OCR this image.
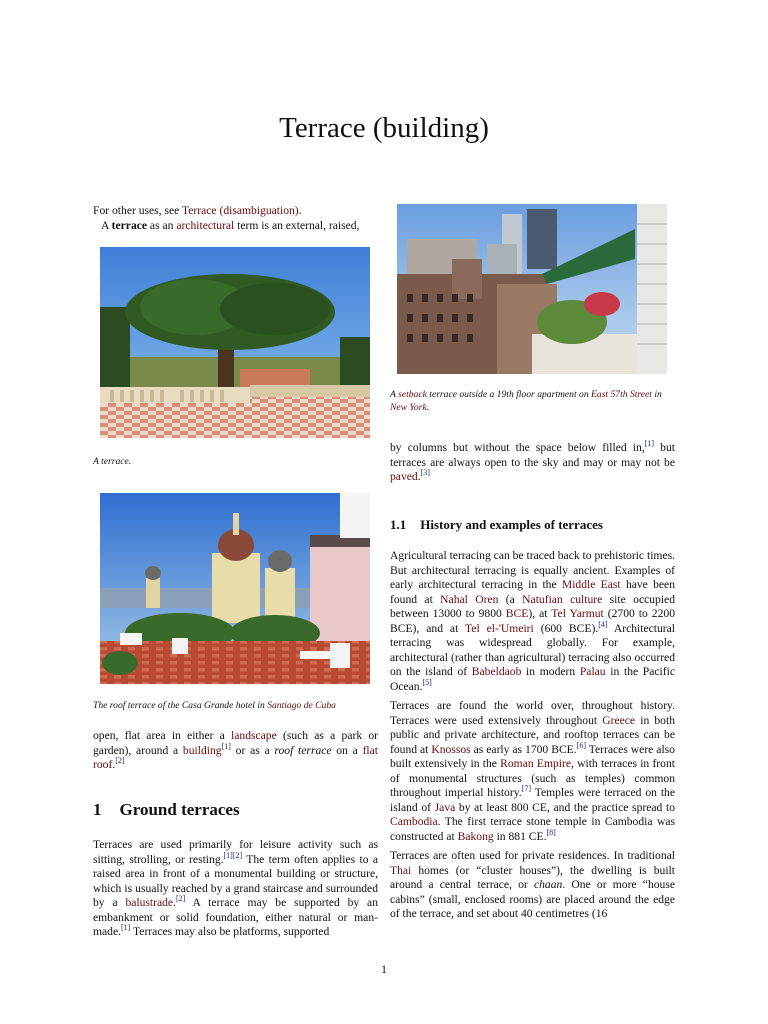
Terrace (building)

For other uses, see Terrace (disambiguation).

A terrace as an architectural term is an external, raised,

A terrace.

The roof terrace of the Casa Grande hotel in Santiago de Cuba

open, flat area in either a landscape (such as a park or garden), around a building[1] or as a roof terrace on a flat roof.[2]

1 Ground terraces

Terraces are used primarily for leisure activity such as sitting, strolling, or resting.[1][2] The term often applies to a raised area in front of a monumental building or structure, which is usually reached by a grand staircase and surrounded by a balustrade.[2] A terrace may be supported by an embankment or solid foundation, either natural or man-made.[1] Terraces may also be platforms, supported

A setback terrace outside a 19th floor apartment on East 57th Street in New York.

by columns but without the space below filled in,[1] but terraces are always open to the sky and may or may not be paved.[3]

1.1 History and examples of terraces

Agricultural terracing can be traced back to prehistoric times. But architectural terracing is equally ancient. Examples of early architectural terracing in the Middle East have been found at Nahal Oren (a Natufian culture site occupied between 13000 to 9800 BCE), at Tel Yarmut (2700 to 2200 BCE), and at Tel el-'Umeiri (600 BCE).[4] Architectural terracing was widespread globally. For example, architectural (rather than agricultural) terracing also occurred on the island of Babeldaob in modern Palau in the Pacific Ocean.[5]

Terraces are found the world over, throughout history. Terraces were used extensively throughout Greece in both public and private architecture, and rooftop terraces can be found at Knossos as early as 1700 BCE.[6] Terraces were also built extensively in the Roman Empire, with terraces in front of monumental structures (such as temples) common throughout imperial history.[7] Temples were terraced on the island of Java by at least 800 CE, and the practice spread to Cambodia. The first terrace stone temple in Cambodia was constructed at Bakong in 881 CE.[8]

Terraces are often used for private residences. In traditional Thai homes (or “cluster houses”), the dwelling is built around a central terrace, or chaan. One or more “house cabins” (small, enclosed rooms) are placed around the edge of the terrace, and set about 40 centimetres (16

1
